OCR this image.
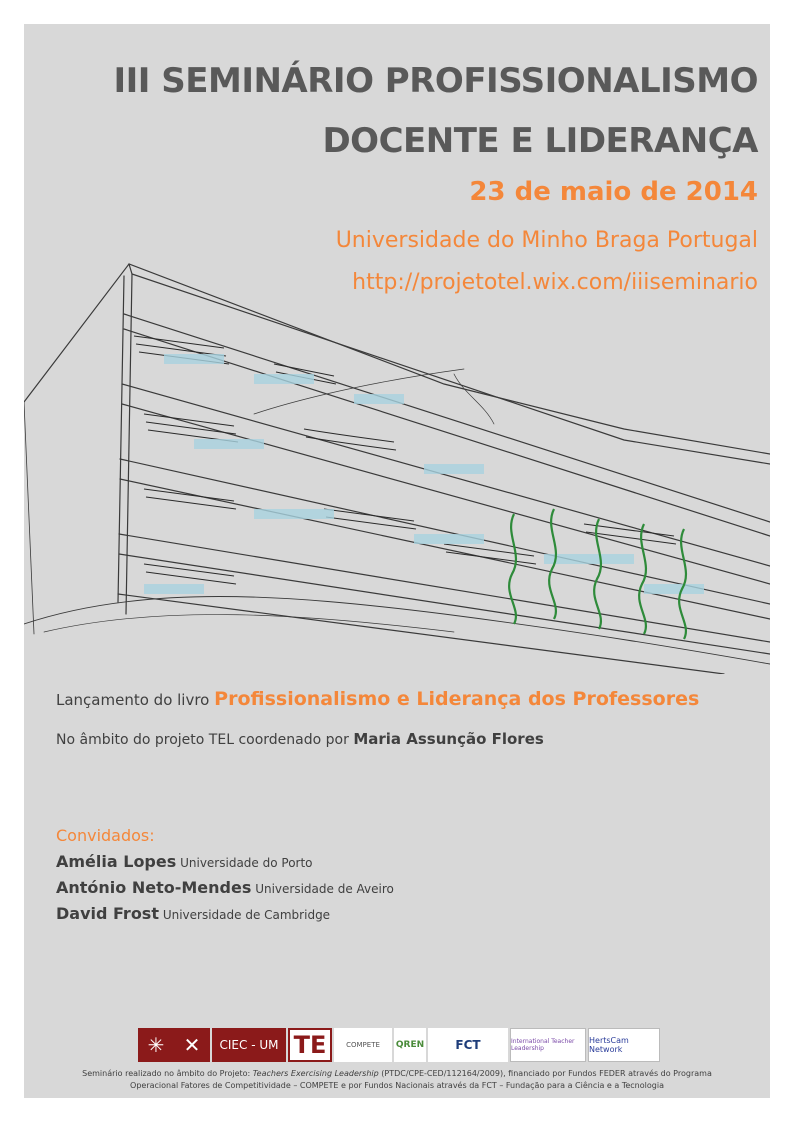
III SEMINÁRIO PROFISSIONALISMO
DOCENTE E LIDERANÇA
23 de maio de 2014
Universidade do Minho Braga Portugal
http://projetotel.wix.com/iiiseminario
Lançamento do livro Profissionalismo e Liderança dos Professores
No âmbito do projeto TEL coordenado por Maria Assunção Flores
Convidados:
Amélia Lopes Universidade do Porto
António Neto-Mendes Universidade de Aveiro
David Frost Universidade de Cambridge
✳ ✕	CIEC - UM TE	COMPETE	QREN	FCT	International Teacher Leadership
HertsCam Network
Seminário realizado no âmbito do Projeto: Teachers Exercising Leadership (PTDC/CPE-CED/112164/2009), financiado por Fundos FEDER através do Programa
Operacional Fatores de Competitividade – COMPETE e por Fundos Nacionais através da FCT – Fundação para a Ciência e a Tecnologia
